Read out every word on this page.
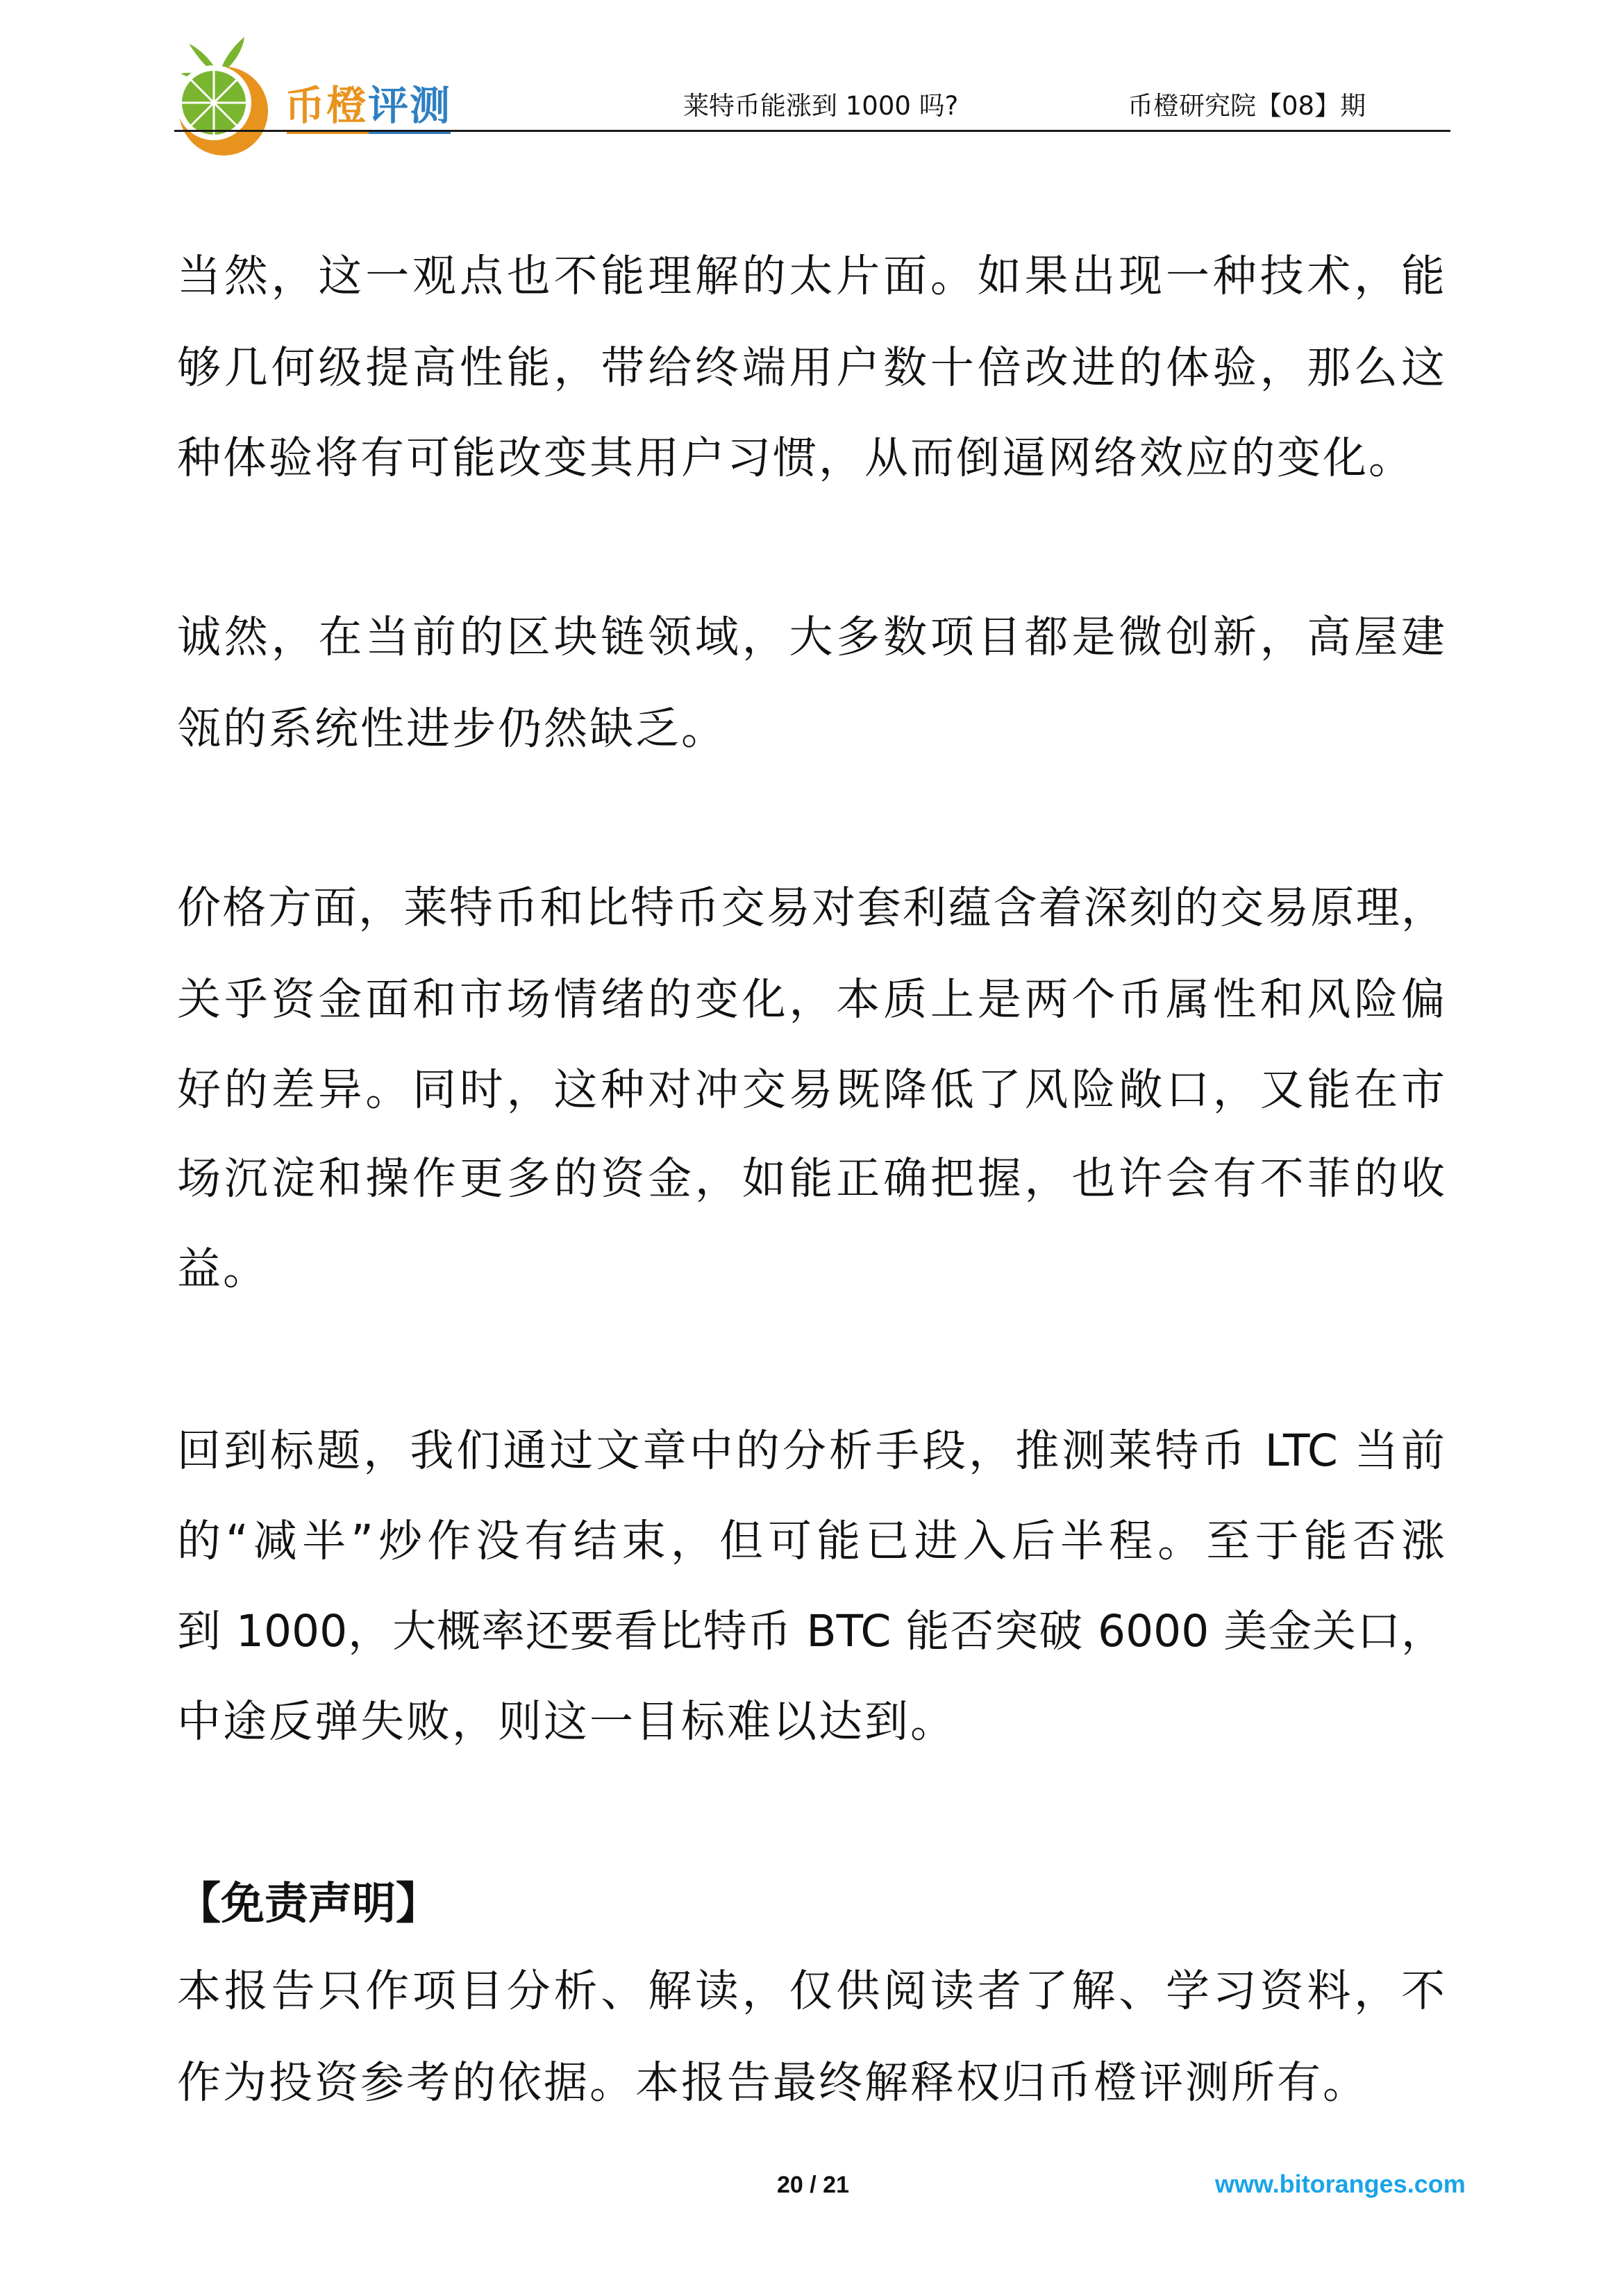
币橙评测	莱特币能涨到 1000 吗?	币橙研究院【08】期
当然，这一观点也不能理解的太片面。如果出现一种技术，能
够几何级提高性能，带给终端用户数十倍改进的体验，那么这
种体验将有可能改变其用户习惯，从而倒逼网络效应的变化。
诚然，在当前的区块链领域，大多数项目都是微创新，高屋建
瓴的系统性进步仍然缺乏。
价格方面，莱特币和比特币交易对套利蕴含着深刻的交易原理，
关乎资金面和市场情绪的变化，本质上是两个币属性和风险偏
好的差异。同时，这种对冲交易既降低了风险敞口，又能在市
场沉淀和操作更多的资金，如能正确把握，也许会有不菲的收
益。
回到标题，我们通过文章中的分析手段，推测莱特币 LTC 当前
的“减半”炒作没有结束，但可能已进入后半程。至于能否涨
到 1000，大概率还要看比特币 BTC 能否突破 6000 美金关口，
中途反弹失败，则这一目标难以达到。
【免责声明】
本报告只作项目分析、解读，仅供阅读者了解、学习资料，不
作为投资参考的依据。本报告最终解释权归币橙评测所有。
20 / 21	www.bitoranges.com
